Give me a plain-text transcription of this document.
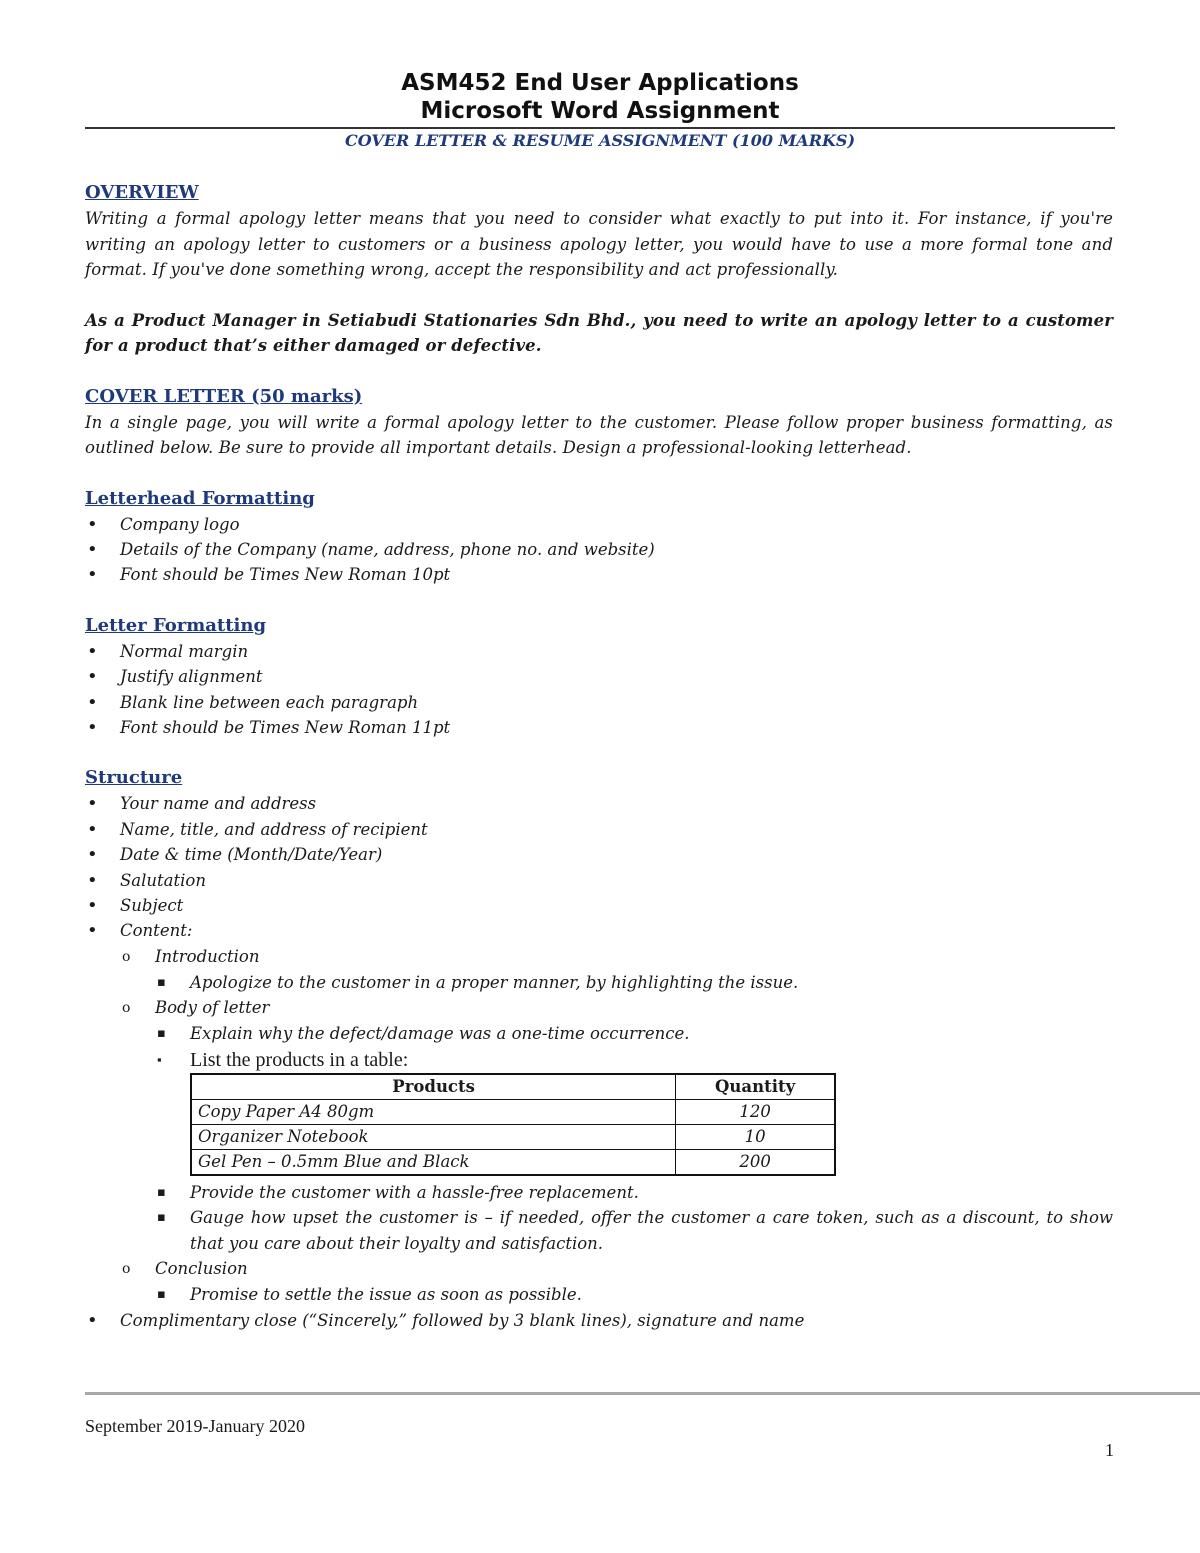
ASM452 End User Applications
Microsoft Word Assignment
COVER LETTER & RESUME ASSIGNMENT (100 MARKS)

OVERVIEW

Writing a formal apology letter means that you need to consider what exactly to put into it. For instance, if you're writing an apology letter to customers or a business apology letter, you would have to use a more formal tone and format. If you've done something wrong, accept the responsibility and act professionally.

As a Product Manager in Setiabudi Stationaries Sdn Bhd., you need to write an apology letter to a customer for a product that’s either damaged or defective.

COVER LETTER (50 marks)

In a single page, you will write a formal apology letter to the customer. Please follow proper business formatting, as outlined below. Be sure to provide all important details. Design a professional-looking letterhead.

Letterhead Formatting

• Company logo
• Details of the Company (name, address, phone no. and website)
• Font should be Times New Roman 10pt

Letter Formatting

• Normal margin
• Justify alignment
• Blank line between each paragraph
• Font should be Times New Roman 11pt

Structure

• Your name and address
• Name, title, and address of recipient
• Date & time (Month/Date/Year)
• Salutation
• Subject
• Content:
o Introduction
▪ Apologize to the customer in a proper manner, by highlighting the issue.
o Body of letter
▪ Explain why the defect/damage was a one-time occurrence.
▪ List the products in a table:
Products	Quantity
Copy Paper A4 80gm	120
Organizer Notebook	10
Gel Pen – 0.5mm Blue and Black	200
▪ Provide the customer with a hassle-free replacement.
▪ Gauge how upset the customer is – if needed, offer the customer a care token, such as a discount, to show that you care about their loyalty and satisfaction.
o Conclusion
▪ Promise to settle the issue as soon as possible.
• Complimentary close (“Sincerely,” followed by 3 blank lines), signature and name
September 2019-January 2020
1
